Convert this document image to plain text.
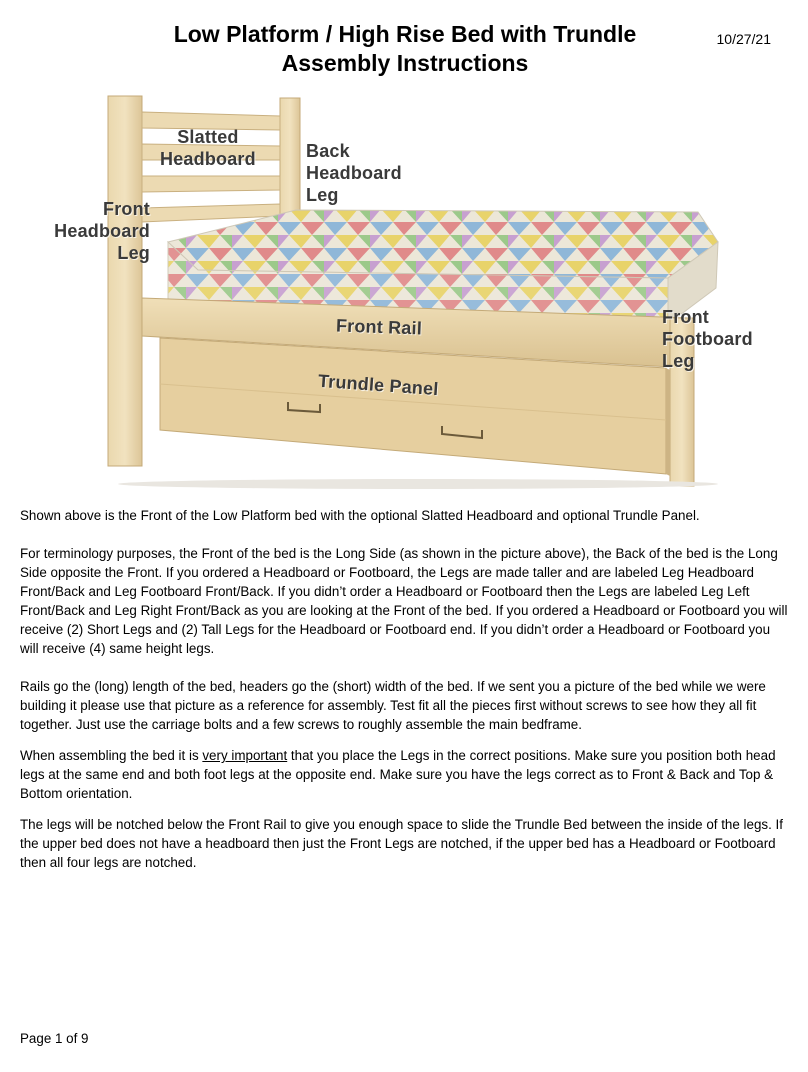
Low Platform / High Rise Bed with Trundle
Assembly Instructions
10/27/21
Slatted
Headboard	Back
Headboard
Leg
Front
Headboard
Leg
Front Rail	Front
Footboard
Leg
Trundle Panel

Shown above is the Front of the Low Platform bed with the optional Slatted Headboard and optional Trundle Panel.

For terminology purposes, the Front of the bed is the Long Side (as shown in the picture above), the Back of the bed is the Long Side opposite the Front. If you ordered a Headboard or Footboard, the Legs are made taller and are labeled Leg Headboard Front/Back and Leg Footboard Front/Back. If you didn’t order a Headboard or Footboard then the Legs are labeled Leg Left Front/Back and Leg Right Front/Back as you are looking at the Front of the bed. If you ordered a Headboard or Footboard you will receive (2) Short Legs and (2) Tall Legs for the Headboard or Footboard end. If you didn’t order a Headboard or Footboard you will receive (4) same height legs.

Rails go the (long) length of the bed, headers go the (short) width of the bed. If we sent you a picture of the bed while we were building it please use that picture as a reference for assembly. Test fit all the pieces first without screws to see how they all fit together. Just use the carriage bolts and a few screws to roughly assemble the main bedframe.

When assembling the bed it is very important that you place the Legs in the correct positions. Make sure you position both head legs at the same end and both foot legs at the opposite end. Make sure you have the legs correct as to Front & Back and Top & Bottom orientation.

The legs will be notched below the Front Rail to give you enough space to slide the Trundle Bed between the inside of the legs. If the upper bed does not have a headboard then just the Front Legs are notched, if the upper bed has a Headboard or Footboard then all four legs are notched.

Page 1 of 9
